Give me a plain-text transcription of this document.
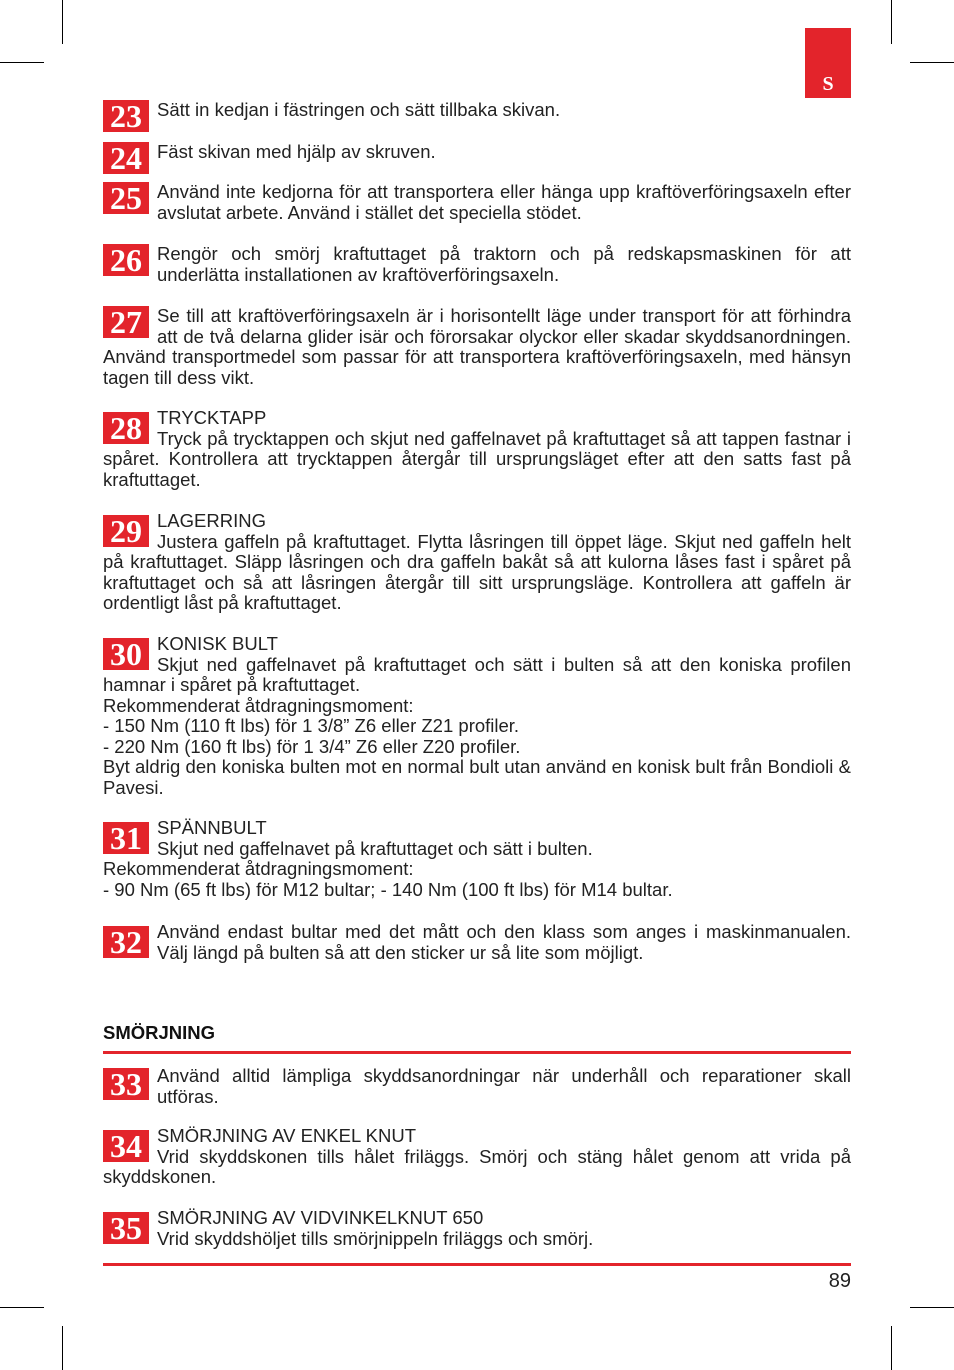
S
23 Sätt in kedjan i fästringen och sätt tillbaka skivan.

24 Fäst skivan med hjälp av skruven.

25 Använd inte kedjorna för att transportera eller hänga upp kraftöverföringsaxeln efter avslutat arbete. Använd i stället det speciella stödet.

26 Rengör och smörj kraftuttaget på traktorn och på redskapsmaskinen för att underlätta installationen av kraftöverföringsaxeln.

27 Se till att kraftöverföringsaxeln är i horisontellt läge under transport för att förhindra att de två delarna glider isär och förorsakar olyckor eller skadar skyddsanordningen. Använd transportmedel som passar för att transportera kraftöverföringsaxeln, med hänsyn tagen till dess vikt.

28 TRYCKTAPP

Tryck på trycktappen och skjut ned gaffelnavet på kraftuttaget så att tappen fastnar i spåret. Kontrollera att trycktappen återgår till ursprungsläget efter att den satts fast på kraftuttaget.

29 LAGERRING

Justera gaffeln på kraftuttaget. Flytta låsringen till öppet läge. Skjut ned gaffeln helt på kraftuttaget. Släpp låsringen och dra gaffeln bakåt så att kulorna låses fast i spåret på kraftuttaget och så att låsringen återgår till sitt ursprungsläge. Kontrollera att gaffeln är ordentligt låst på kraftuttaget.

30 KONISK BULT

Skjut ned gaffelnavet på kraftuttaget och sätt i bulten så att den koniska profilen hamnar i spåret på kraftuttaget.

Rekommenderat åtdragningsmoment:

- 150 Nm (110 ft lbs) för 1 3/8” Z6 eller Z21 profiler.

- 220 Nm (160 ft lbs) för 1 3/4” Z6 eller Z20 profiler.

Byt aldrig den koniska bulten mot en normal bult utan använd en konisk bult från Bondioli & Pavesi.

31 SPÄNNBULT

Skjut ned gaffelnavet på kraftuttaget och sätt i bulten.

Rekommenderat åtdragningsmoment:

- 90 Nm (65 ft lbs) för M12 bultar; - 140 Nm (100 ft lbs) för M14 bultar.

32 Använd endast bultar med det mått och den klass som anges i maskinmanualen. Välj längd på bulten så att den sticker ur så lite som möjligt.

SMÖRJNING
33 Använd alltid lämpliga skyddsanordningar när underhåll och reparationer skall utföras.

34 SMÖRJNING AV ENKEL KNUT

Vrid skyddskonen tills hålet friläggs. Smörj och stäng hålet genom att vrida på skyddskonen.

35 SMÖRJNING AV VIDVINKELKNUT 650

Vrid skyddshöljet tills smörjnippeln friläggs och smörj.

89
